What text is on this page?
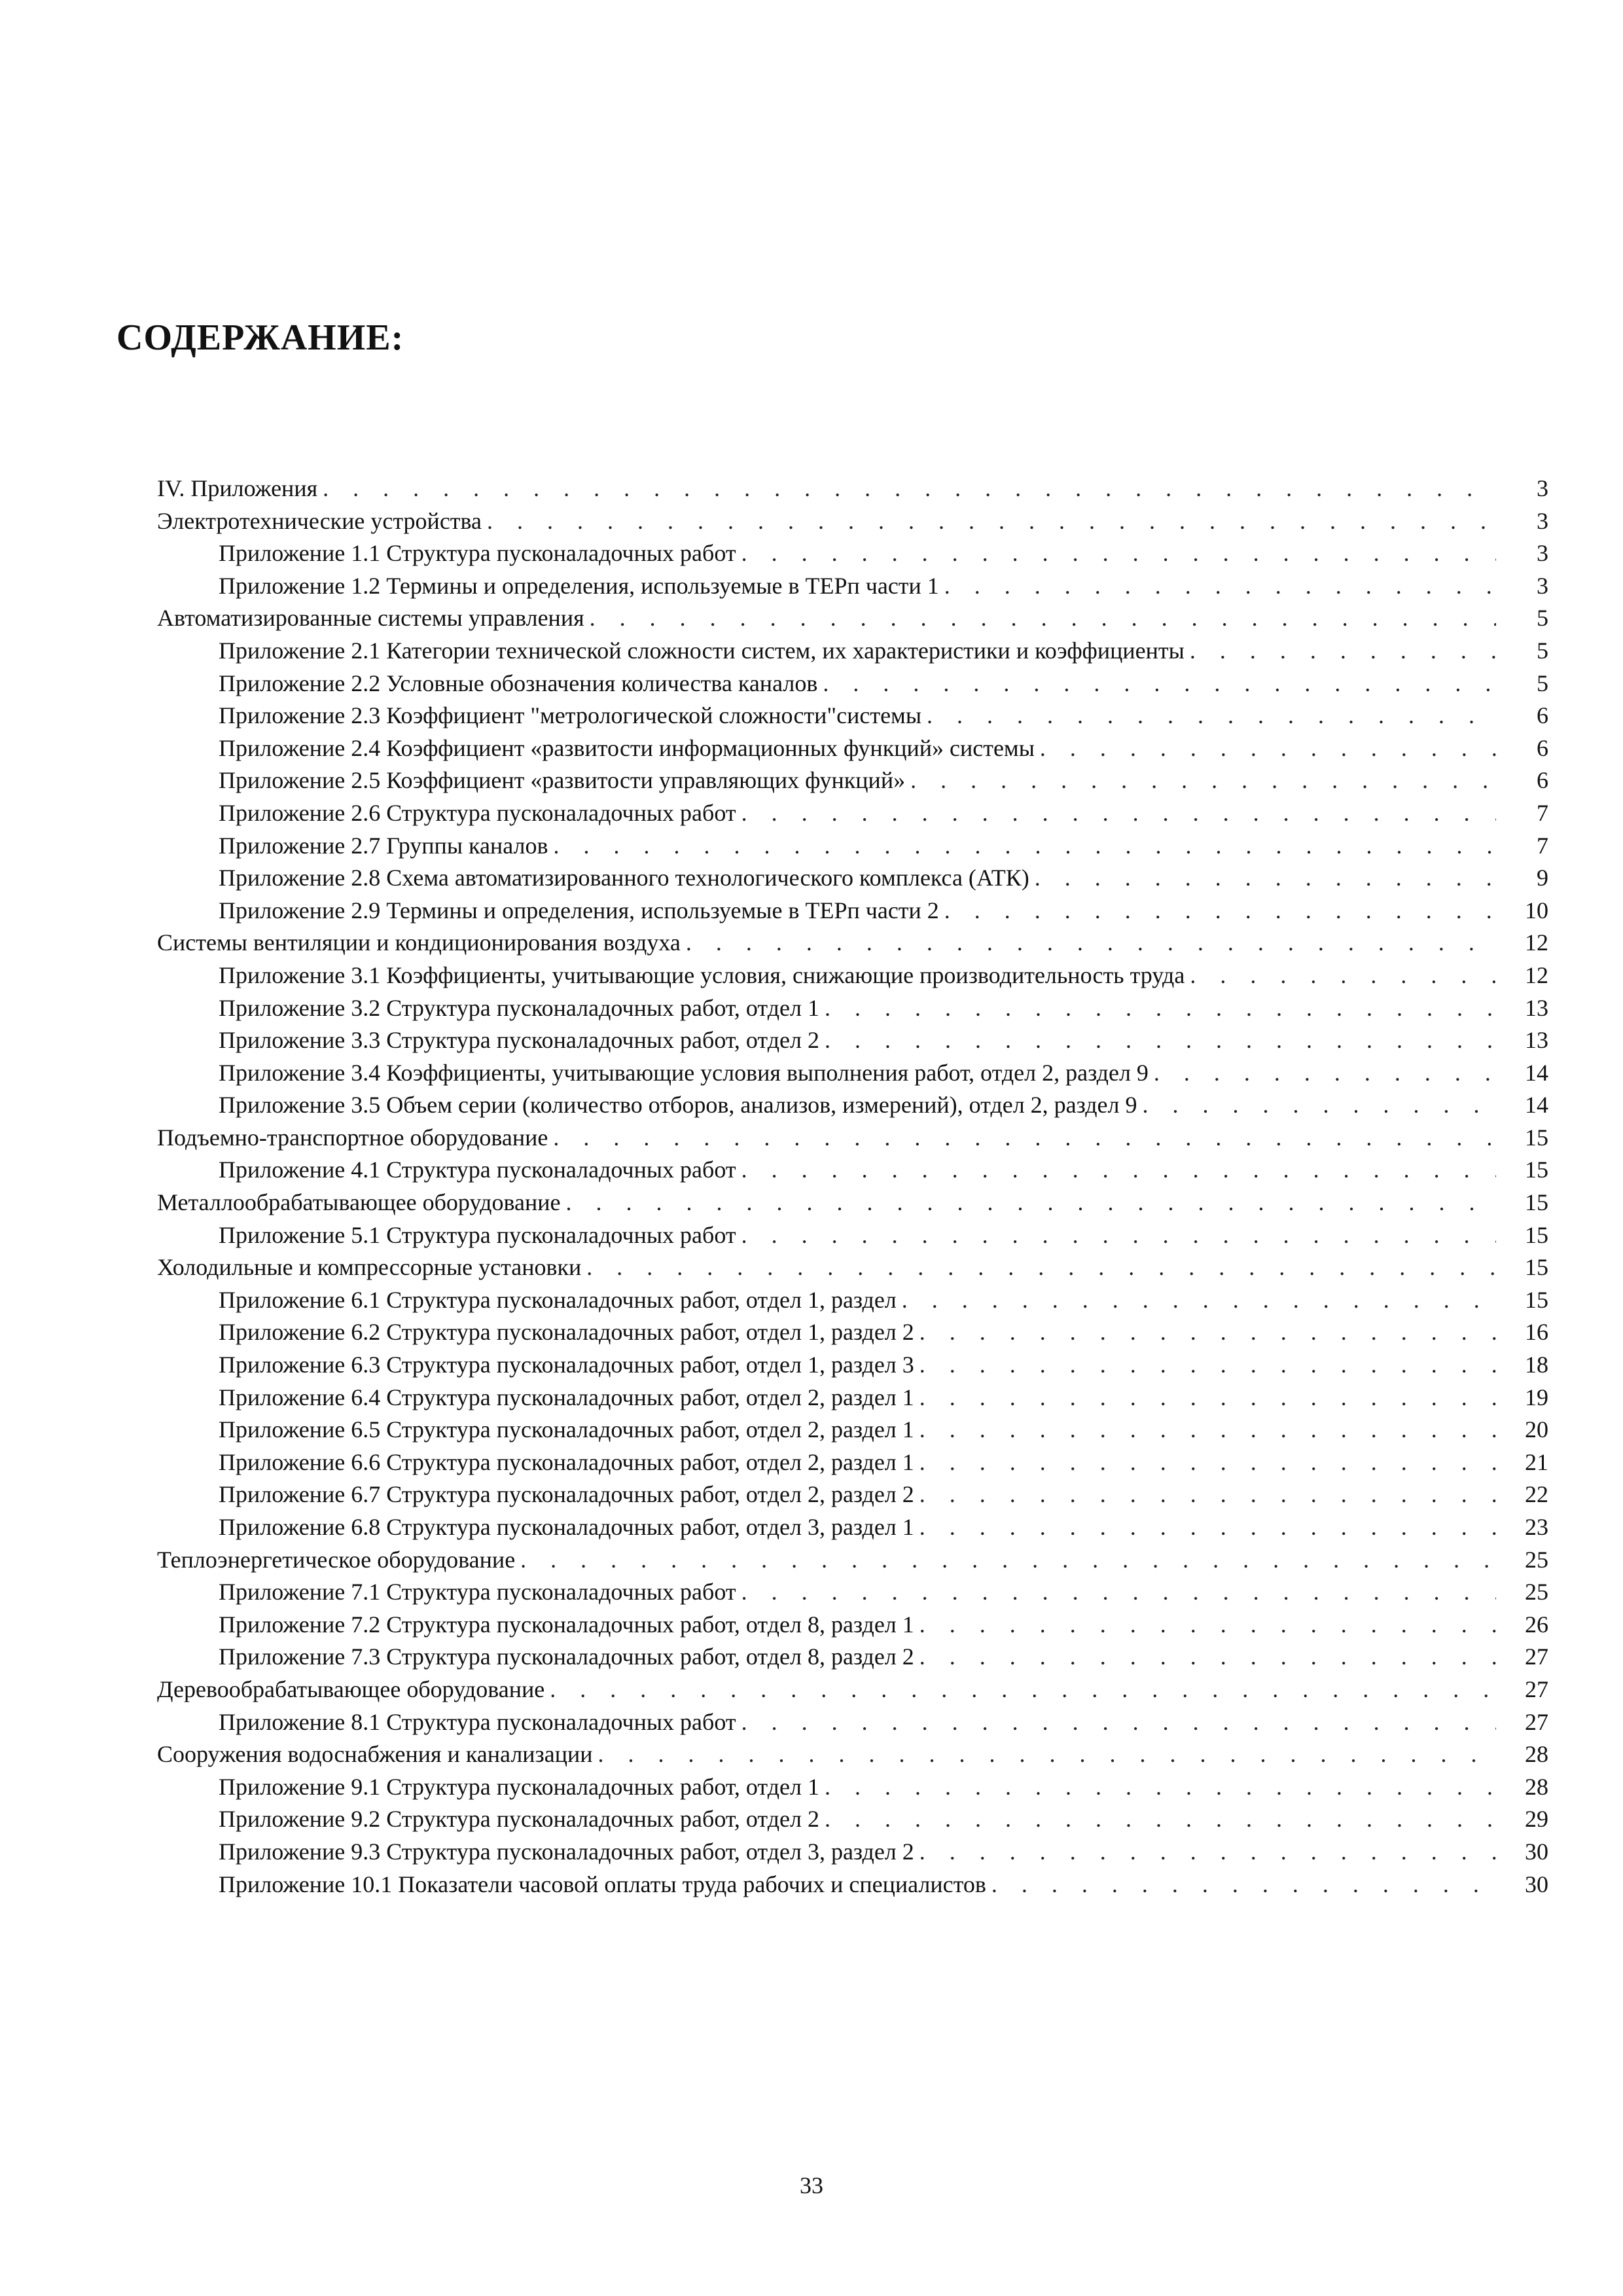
СОДЕРЖАНИЕ:
IV. Приложения . . .	3
Электротехнические устройства . . .	3
Приложение 1.1 Структура пусконаладочных работ . . .	3
Приложение 1.2 Термины и определения, используемые в ТЕРп части 1 . . .	3
Автоматизированные системы управления . . .	5
Приложение 2.1 Категории технической сложности систем, их характеристики и коэффициенты . . .	5
Приложение 2.2 Условные обозначения количества каналов . . .	5
Приложение 2.3 Коэффициент "метрологической сложности"системы . . .	6
Приложение 2.4 Коэффициент «развитости информационных функций» системы . . .	6
Приложение 2.5 Коэффициент «развитости управляющих функций» . . .	6
Приложение 2.6 Структура пусконаладочных работ . . .	7
Приложение 2.7 Группы каналов . . .	7
Приложение 2.8 Схема автоматизированного технологического комплекса (АТК) . . .	9
Приложение 2.9 Термины и определения, используемые в ТЕРп части 2 . . .	10
Системы вентиляции и кондиционирования воздуха . . .	12
Приложение 3.1 Коэффициенты, учитывающие условия, снижающие производительность труда . . .	12
Приложение 3.2 Структура пусконаладочных работ, отдел 1 . . .	13
Приложение 3.3 Структура пусконаладочных работ, отдел 2 . . .	13
Приложение 3.4 Коэффициенты, учитывающие условия выполнения работ, отдел 2, раздел 9 . . .	14
Приложение 3.5 Объем серии (количество отборов, анализов, измерений), отдел 2, раздел 9 . . .	14
Подъемно-транспортное оборудование . . .	15
Приложение 4.1 Структура пусконаладочных работ . . .	15
Металлообрабатывающее оборудование . . .	15
Приложение 5.1 Структура пусконаладочных работ . . .	15
Холодильные и компрессорные установки . . .	15
Приложение 6.1 Структура пусконаладочных работ, отдел 1, раздел . . .	15
Приложение 6.2 Структура пусконаладочных работ, отдел 1, раздел 2 . . .	16
Приложение 6.3 Структура пусконаладочных работ, отдел 1, раздел 3 . . .	18
Приложение 6.4 Структура пусконаладочных работ, отдел 2, раздел 1 . . .	19
Приложение 6.5 Структура пусконаладочных работ, отдел 2, раздел 1 . . .	20
Приложение 6.6 Структура пусконаладочных работ, отдел 2, раздел 1 . . .	21
Приложение 6.7 Структура пусконаладочных работ, отдел 2, раздел 2 . . .	22
Приложение 6.8 Структура пусконаладочных работ, отдел 3, раздел 1 . . .	23
Теплоэнергетическое оборудование . . .	25
Приложение 7.1 Структура пусконаладочных работ . . .	25
Приложение 7.2 Структура пусконаладочных работ, отдел 8, раздел 1 . . .	26
Приложение 7.3 Структура пусконаладочных работ, отдел 8, раздел 2 . . .	27
Деревообрабатывающее оборудование . . .	27
Приложение 8.1 Структура пусконаладочных работ . . .	27
Сооружения водоснабжения и канализации . . .	28
Приложение 9.1 Структура пусконаладочных работ, отдел 1 . . .	28
Приложение 9.2 Структура пусконаладочных работ, отдел 2 . . .	29
Приложение 9.3 Структура пусконаладочных работ, отдел 3, раздел 2 . . .	30
Приложение 10.1 Показатели часовой оплаты труда рабочих и специалистов . . .	30
33
